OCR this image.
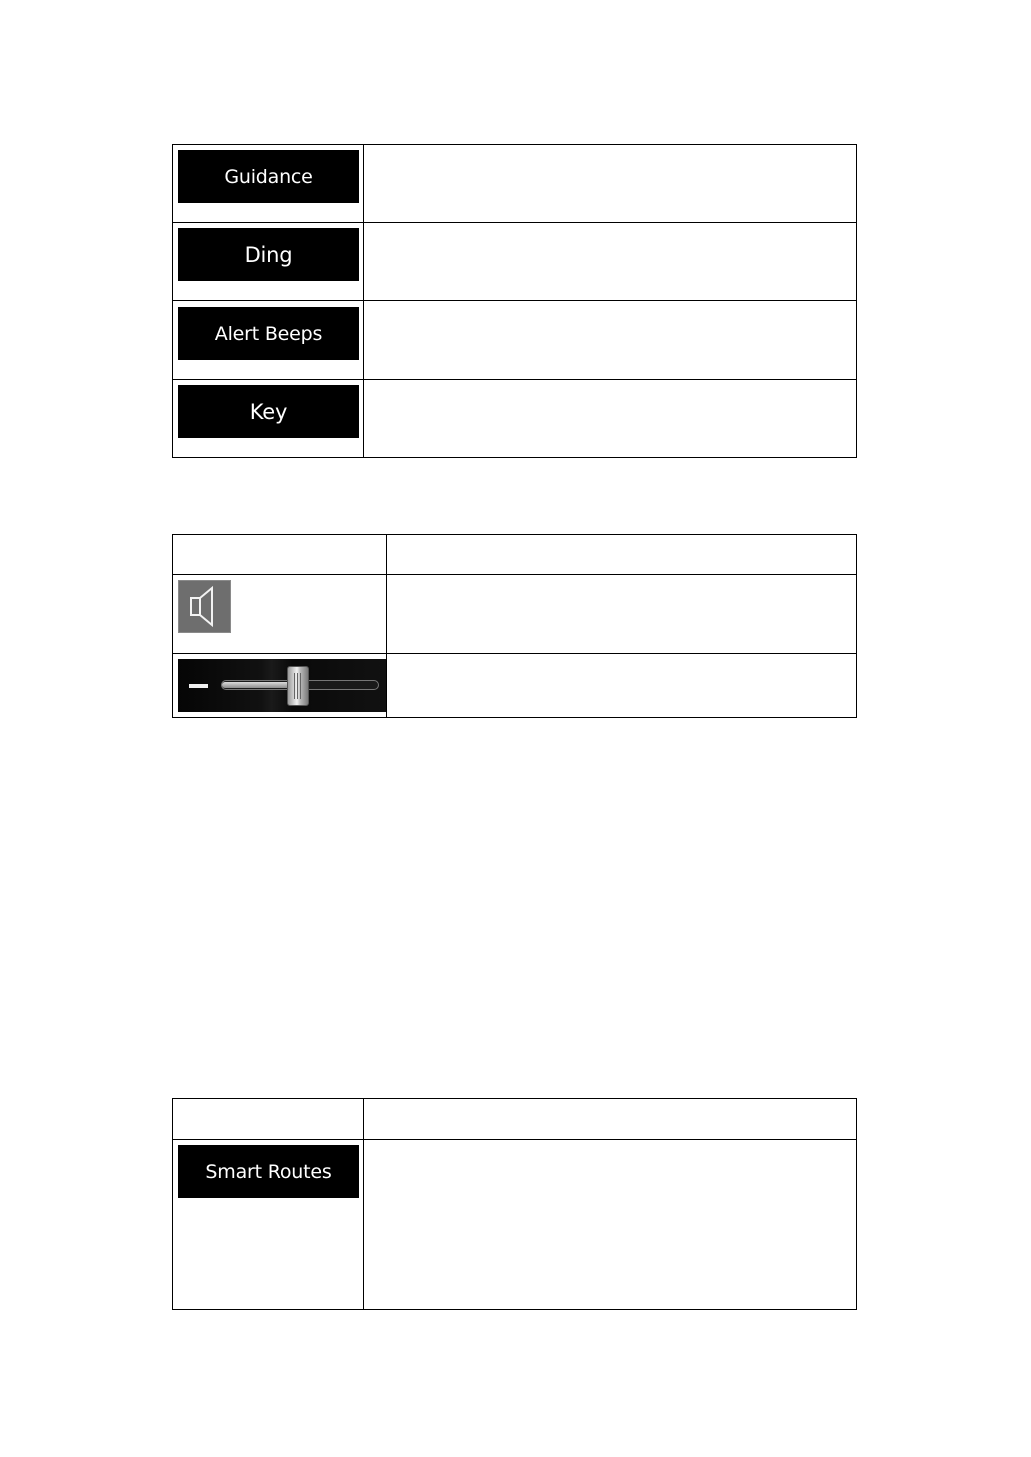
Guidance
Ding
Alert Beeps
Key
Smart Routes
